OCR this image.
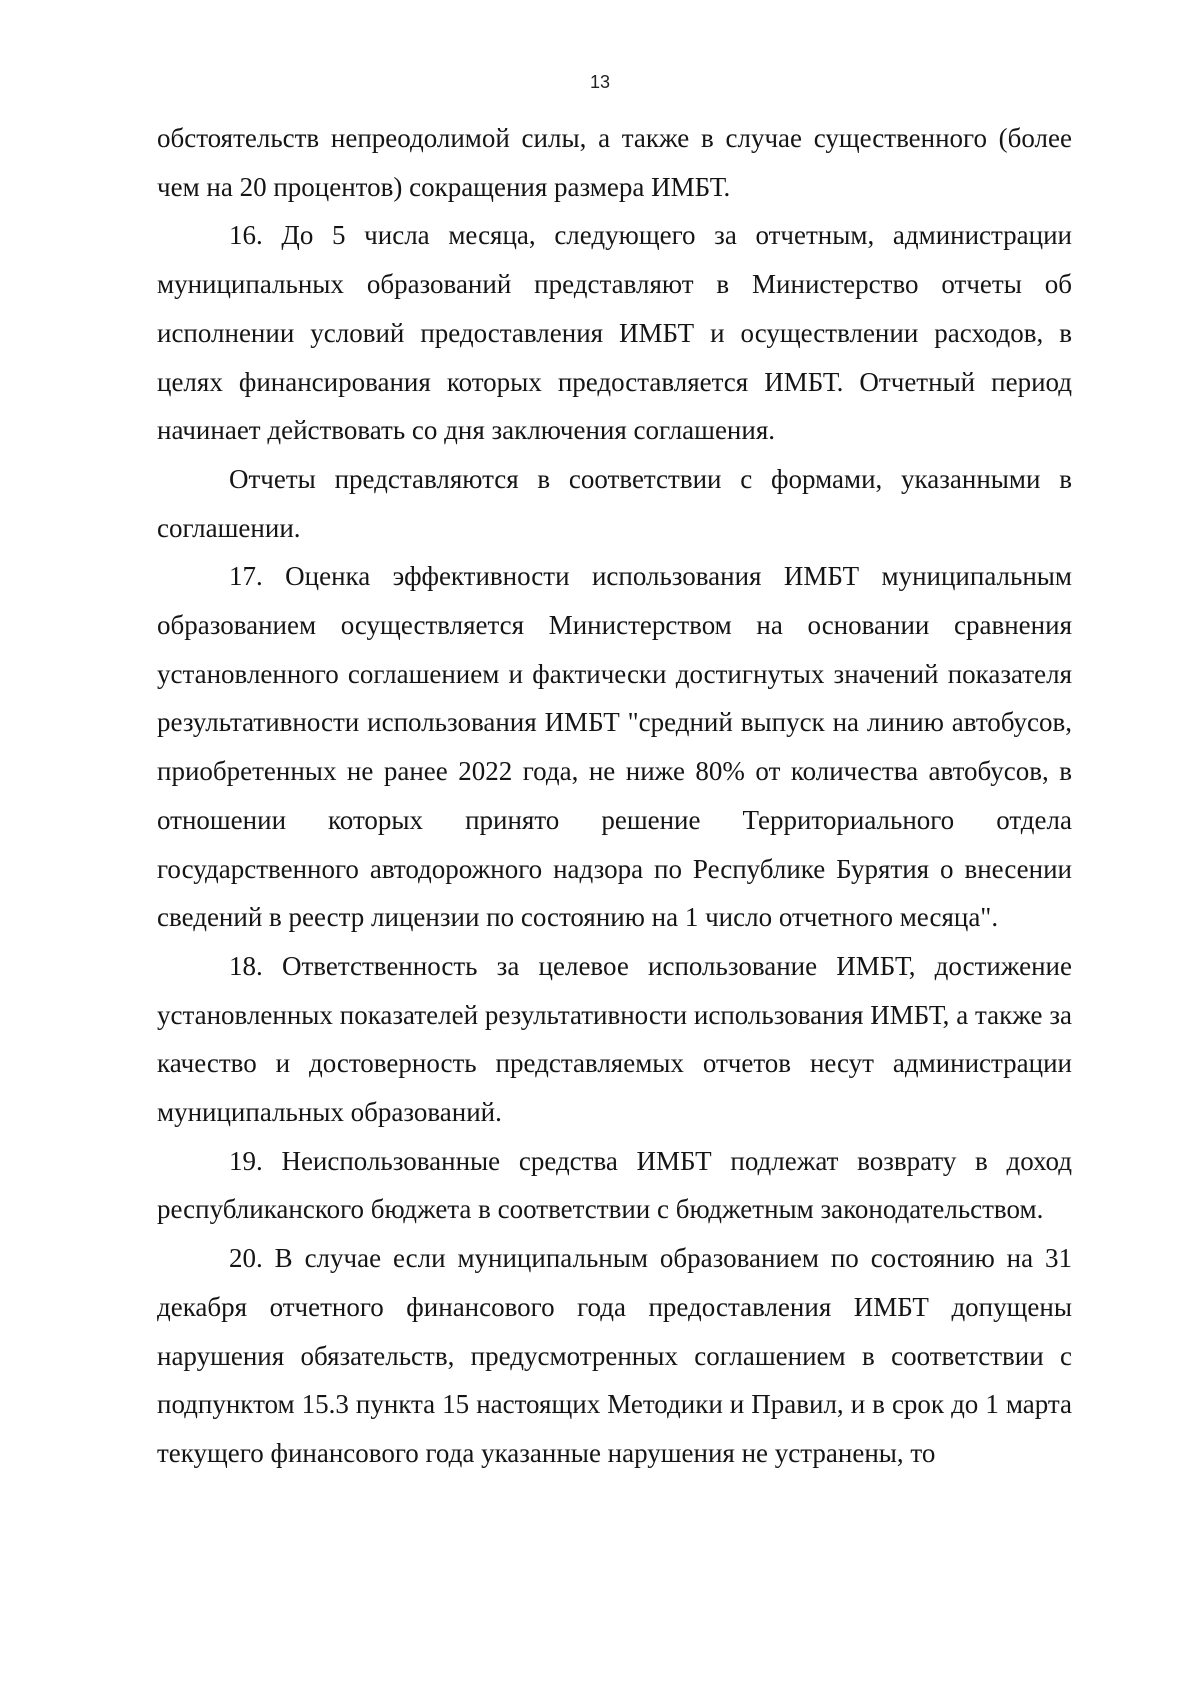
13

обстоятельств непреодолимой силы, а также в случае существенного (более чем на 20 процентов) сокращения размера ИМБТ.

16. До 5 числа месяца, следующего за отчетным, администрации муниципальных образований представляют в Министерство отчеты об исполнении условий предоставления ИМБТ и осуществлении расходов, в целях финансирования которых предоставляется ИМБТ. Отчетный период начинает действовать со дня заключения соглашения.

Отчеты представляются в соответствии с формами, указанными в соглашении.

17. Оценка эффективности использования ИМБТ муниципальным образованием осуществляется Министерством на основании сравнения установленного соглашением и фактически достигнутых значений показателя результативности использования ИМБТ "средний выпуск на линию автобусов, приобретенных не ранее 2022 года, не ниже 80% от количества автобусов, в отношении которых принято решение Территориального отдела государственного автодорожного надзора по Республике Бурятия о внесении сведений в реестр лицензии по состоянию на 1 число отчетного месяца".

18. Ответственность за целевое использование ИМБТ, достижение установленных показателей результативности использования ИМБТ, а также за качество и достоверность представляемых отчетов несут администрации муниципальных образований.

19. Неиспользованные средства ИМБТ подлежат возврату в доход республиканского бюджета в соответствии с бюджетным законодательством.

20. В случае если муниципальным образованием по состоянию на 31 декабря отчетного финансового года предоставления ИМБТ допущены нарушения обязательств, предусмотренных соглашением в соответствии с подпунктом 15.3 пункта 15 настоящих Методики и Правил, и в срок до 1 марта текущего финансового года указанные нарушения не устранены, то
